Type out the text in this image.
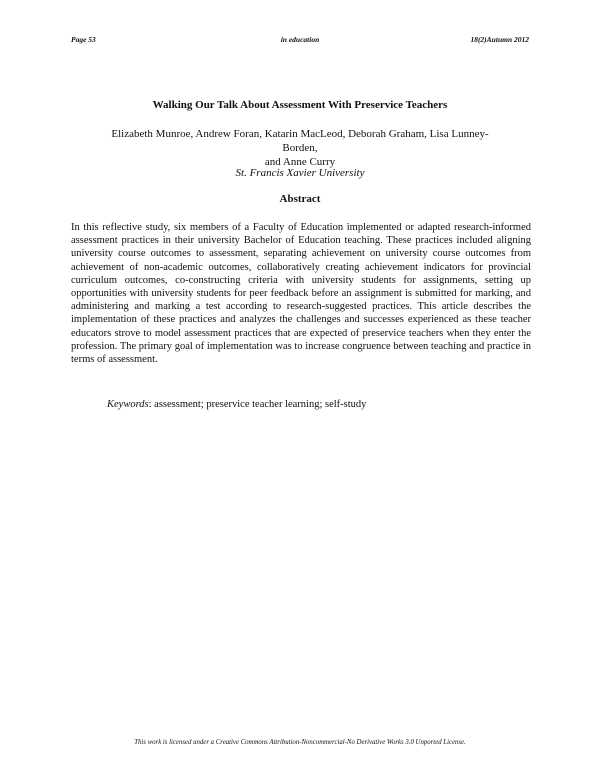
Page 53	in education	18(2)Autumn 2012
Walking Our Talk About Assessment With Preservice Teachers
Elizabeth Munroe, Andrew Foran, Katarin MacLeod, Deborah Graham, Lisa Lunney-Borden,
and Anne Curry
St. Francis Xavier University
Abstract

In this reflective study, six members of a Faculty of Education implemented or adapted research-informed assessment practices in their university Bachelor of Education teaching. These practices included aligning university course outcomes to assessment, separating achievement on university course outcomes from achievement of non-academic outcomes, collaboratively creating achievement indicators for provincial curriculum outcomes, co-constructing criteria with university students for assignments, setting up opportunities with university students for peer feedback before an assignment is submitted for marking, and administering and marking a test according to research-suggested practices. This article describes the implementation of these practices and analyzes the challenges and successes experienced as these teacher educators strove to model assessment practices that are expected of preservice teachers when they enter the profession. The primary goal of implementation was to increase congruence between teaching and practice in terms of assessment.

Keywords: assessment; preservice teacher learning; self-study
This work is licensed under a Creative Commons Attribution-Noncommercial-No Derivative Works 3.0 Unported License.
